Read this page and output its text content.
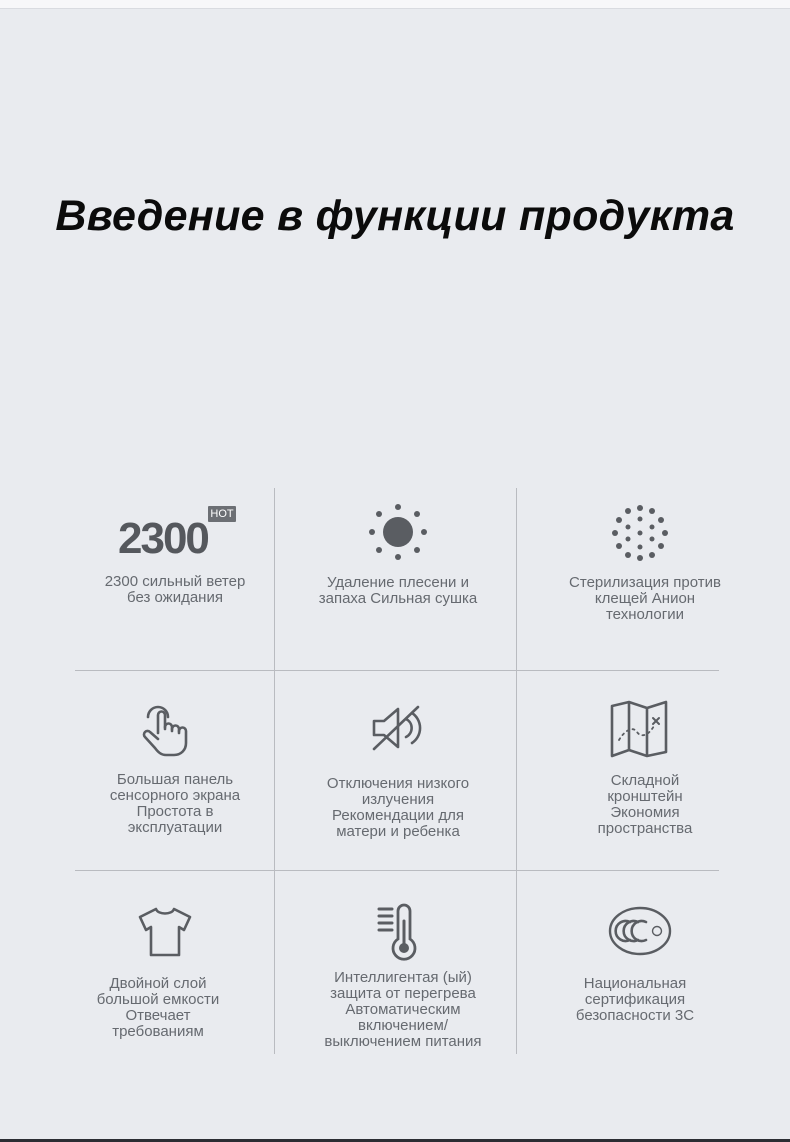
Введение в функции продукта
2300 HOT
2300 сильный ветер
без ожидания
Удаление плесени и
запаха Сильная сушка
Стерилизация против
клещей Анион
технологии
Большая панель
сенсорного экрана
Простота в
эксплуатации
Отключения низкого
излучения
Рекомендации для
матери и ребенка
Складной
кронштейн
Экономия
пространства
Двойной слой
большой емкости
Отвечает
требованиям
Интеллигентая (ый)
защита от перегрева
Автоматическим
включением/
выключением питания
Национальная
сертификация
безопасности 3С
